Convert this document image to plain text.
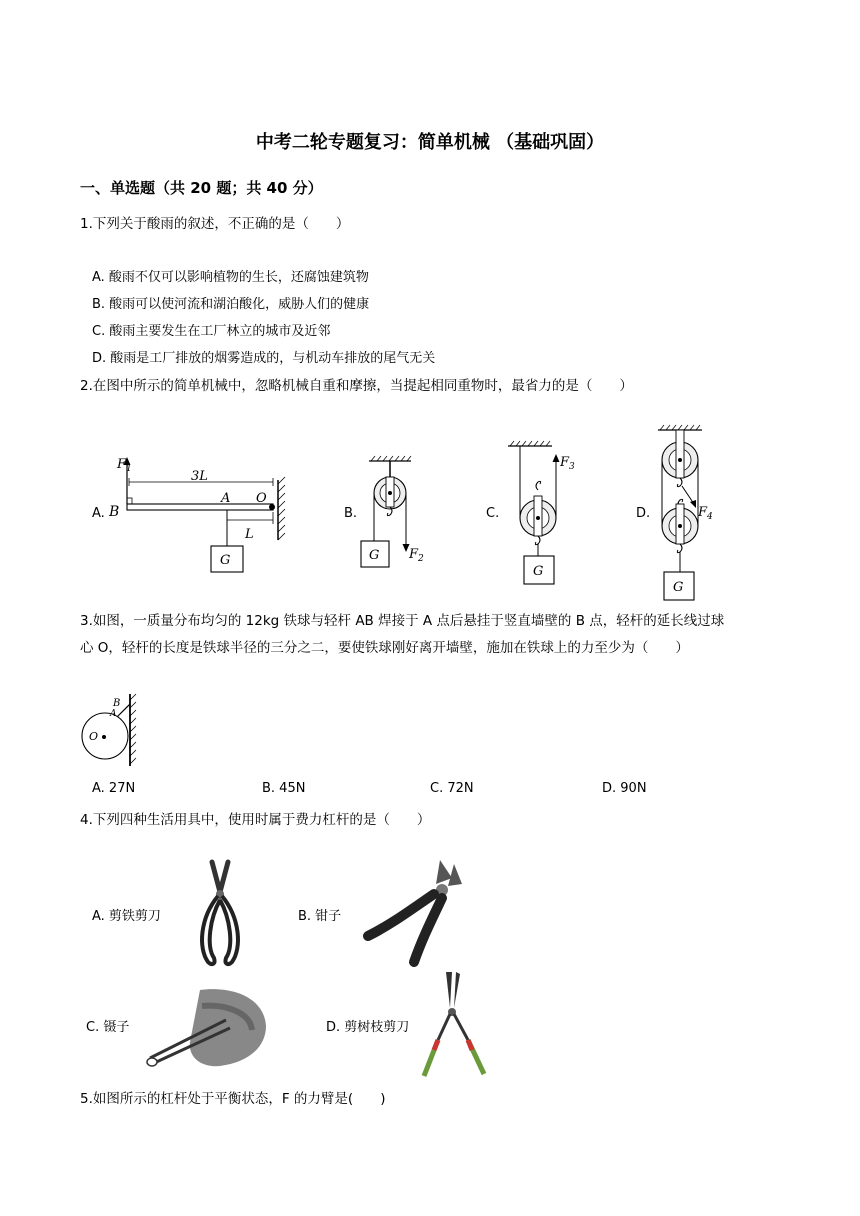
中考二轮专题复习：简单机械 （基础巩固）
一、单选题（共 20 题；共 40 分）
1.下列关于酸雨的叙述，不正确的是（　　）
A. 酸雨不仅可以影响植物的生长，还腐蚀建筑物
B. 酸雨可以使河流和湖泊酸化，威胁人们的健康
C. 酸雨主要发生在工厂林立的城市及近邻
D. 酸雨是工厂排放的烟雾造成的，与机动车排放的尾气无关
2.在图中所示的简单机械中，忽略机械自重和摩擦，当提起相同重物时，最省力的是（　　）
A.	B.	C.	D.
$F_1$	3L
B
A O
L
G	$F_2$
G
$F_3$
G
$F_4$
G
3.如图，一质量分布均匀的 12kg 铁球与轻杆 AB 焊接于 A 点后悬挂于竖直墙壁的 B 点，轻杆的延长线过球
心 O，轻杆的长度是铁球半径的三分之二，要使铁球刚好离开墙壁，施加在铁球上的力至少为（　　）
A
B
O
A. 27N	B. 45N	C. 72N	D. 90N
4.下列四种生活用具中，使用时属于费力杠杆的是（　　）
A. 剪铁剪刀	B. 钳子
C. 镊子	D. 剪树枝剪刀
5.如图所示的杠杆处于平衡状态，F 的力臂是(　　)
